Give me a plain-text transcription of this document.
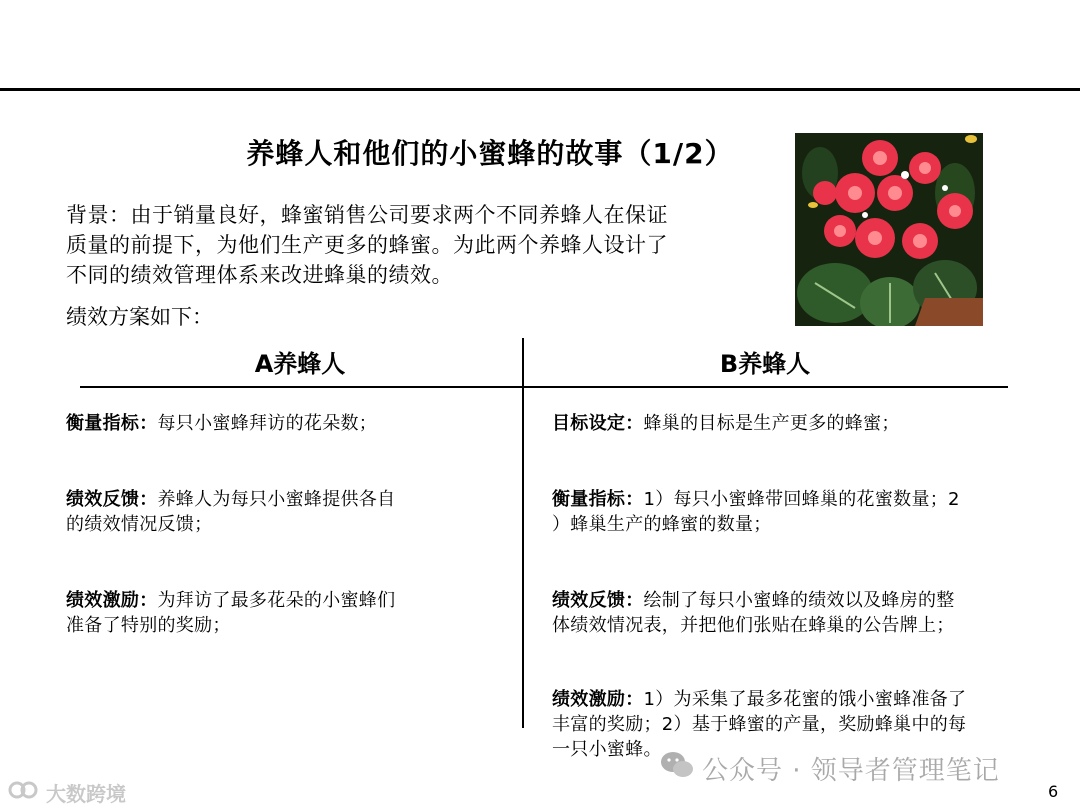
养蜂人和他们的小蜜蜂的故事（1/2）
背景：由于销量良好，蜂蜜销售公司要求两个不同养蜂人在保证
质量的前提下，为他们生产更多的蜂蜜。为此两个养蜂人设计了
不同的绩效管理体系来改进蜂巢的绩效。
绩效方案如下：
A养蜂人	B养蜂人
衡量指标：每只小蜜蜂拜访的花朵数；
绩效反馈：养蜂人为每只小蜜蜂提供各自
的绩效情况反馈；
绩效激励：为拜访了最多花朵的小蜜蜂们
准备了特别的奖励；
目标设定：蜂巢的目标是生产更多的蜂蜜；
衡量指标：1）每只小蜜蜂带回蜂巢的花蜜数量；2
）蜂巢生产的蜂蜜的数量；
绩效反馈：绘制了每只小蜜蜂的绩效以及蜂房的整
体绩效情况表，并把他们张贴在蜂巢的公告牌上；
绩效激励：1）为采集了最多花蜜的饿小蜜蜂准备了
丰富的奖励；2）基于蜂蜜的产量，奖励蜂巢中的每
一只小蜜蜂。
大数跨境
公众号 · 领导者管理笔记
6
